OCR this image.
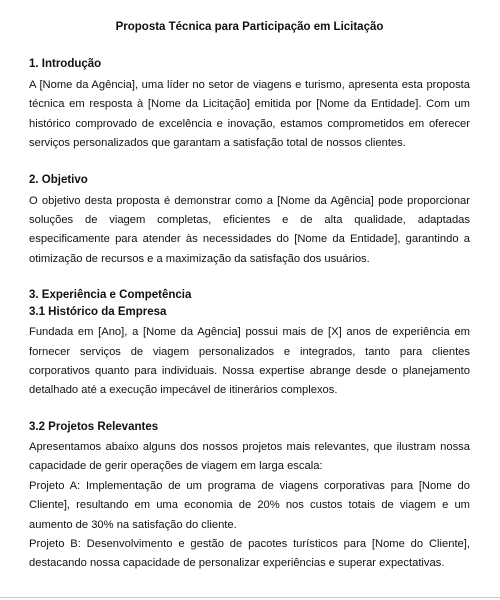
Proposta Técnica para Participação em Licitação
1. Introdução

A [Nome da Agência], uma líder no setor de viagens e turismo, apresenta esta proposta técnica em resposta à [Nome da Licitação] emitida por [Nome da Entidade]. Com um histórico comprovado de excelência e inovação, estamos comprometidos em oferecer serviços personalizados que garantam a satisfação total de nossos clientes.

2. Objetivo

O objetivo desta proposta é demonstrar como a [Nome da Agência] pode proporcionar soluções de viagem completas, eficientes e de alta qualidade, adaptadas especificamente para atender às necessidades do [Nome da Entidade], garantindo a otimização de recursos e a maximização da satisfação dos usuários.

3. Experiência e Competência
3.1 Histórico da Empresa

Fundada em [Ano], a [Nome da Agência] possui mais de [X] anos de experiência em fornecer serviços de viagem personalizados e integrados, tanto para clientes corporativos quanto para individuais. Nossa expertise abrange desde o planejamento detalhado até a execução impecável de itinerários complexos.

3.2 Projetos Relevantes

Apresentamos abaixo alguns dos nossos projetos mais relevantes, que ilustram nossa capacidade de gerir operações de viagem em larga escala:

Projeto A: Implementação de um programa de viagens corporativas para [Nome do Cliente], resultando em uma economia de 20% nos custos totais de viagem e um aumento de 30% na satisfação do cliente.

Projeto B: Desenvolvimento e gestão de pacotes turísticos para [Nome do Cliente], destacando nossa capacidade de personalizar experiências e superar expectativas.
